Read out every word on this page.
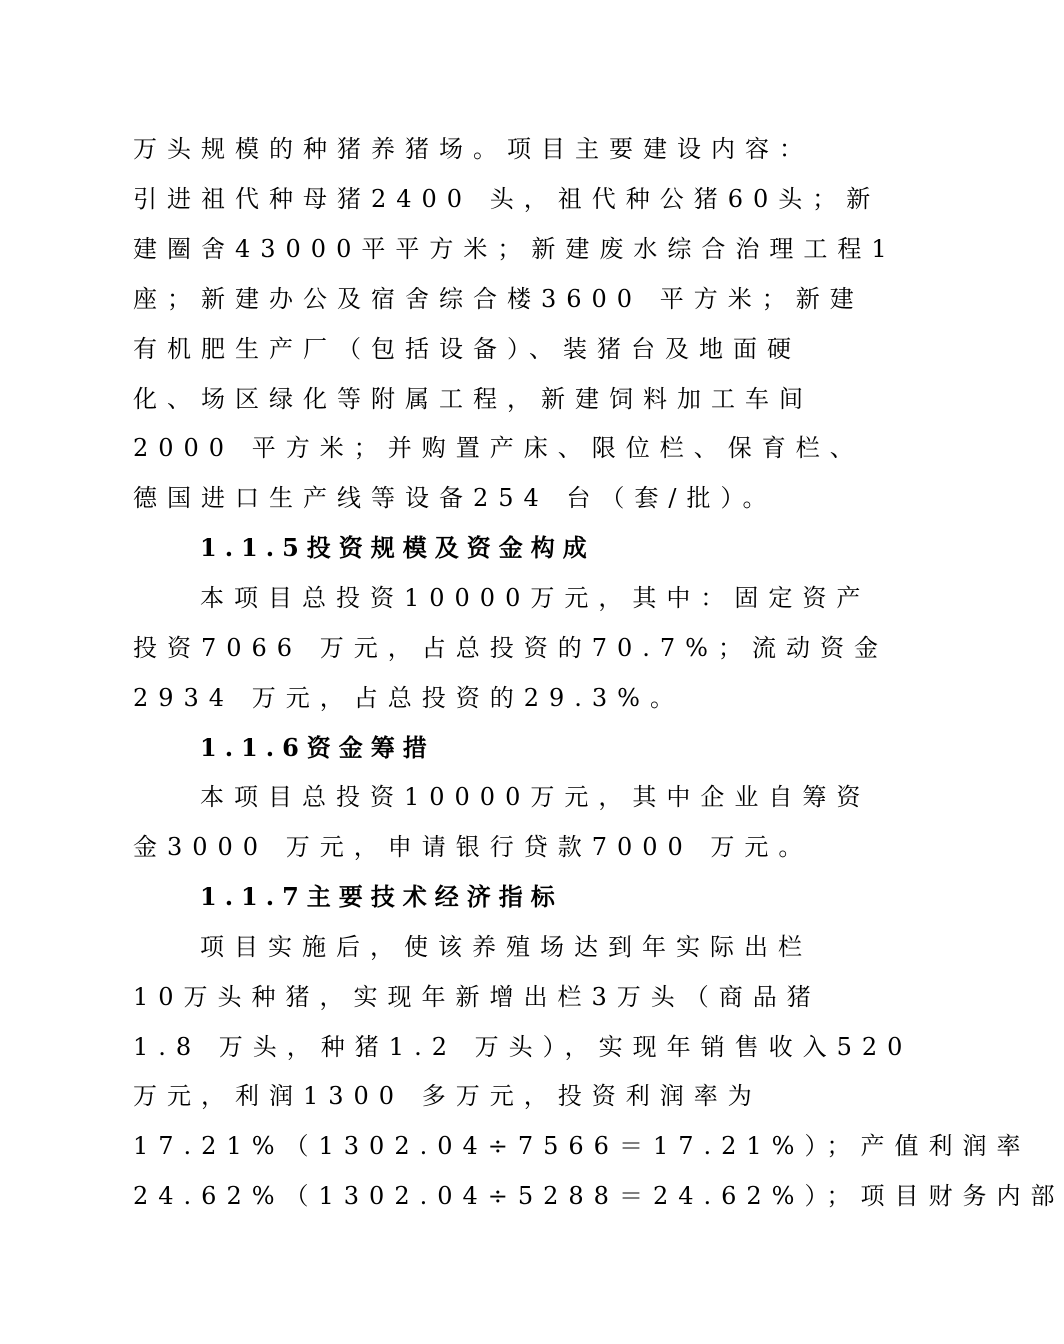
万头规模的种猪养猪场。项目主要建设内容：
引进祖代种母猪2400 头，祖代种公猪60头；新
建圈舍43000平平方米；新建废水综合治理工程1
座；新建办公及宿舍综合楼3600 平方米；新建
有机肥生产厂（包括设备）、装猪台及地面硬
化、场区绿化等附属工程，新建饲料加工车间
2000 平方米；并购置产床、限位栏、保育栏、
德国进口生产线等设备254 台（套/批）。
1.1.5投资规模及资金构成
本项目总投资10000万元，其中：固定资产
投资7066 万元，占总投资的70.7%；流动资金
2934 万元，占总投资的29.3%。
1.1.6资金筹措
本项目总投资10000万元，其中企业自筹资
金3000 万元，申请银行贷款7000 万元。
1.1.7主要技术经济指标
项目实施后，使该养殖场达到年实际出栏
10万头种猪，实现年新增出栏3万头（商品猪
1.8 万头，种猪1.2 万头），实现年销售收入520
万元，利润1300 多万元，投资利润率为
17.21%（1302.04÷7566＝17.21%）；产值利润率
24.62%（1302.04÷5288＝24.62%）；项目财务内部
